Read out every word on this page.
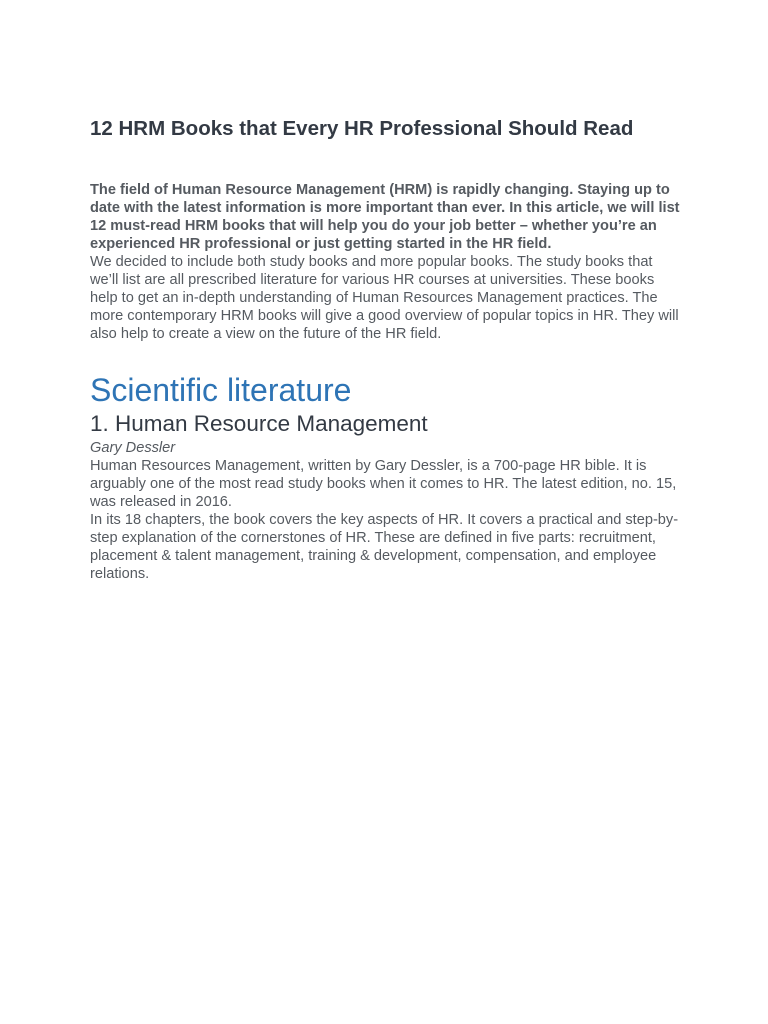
12 HRM Books that Every HR Professional Should Read

The field of Human Resource Management (HRM) is rapidly changing. Staying up to date with the latest information is more important than ever. In this article, we will list 12 must-read HRM books that will help you do your job better – whether you’re an experienced HR professional or just getting started in the HR field.

We decided to include both study books and more popular books. The study books that we’ll list are all prescribed literature for various HR courses at universities. These books help to get an in-depth understanding of Human Resources Management practices. The more contemporary HRM books will give a good overview of popular topics in HR. They will also help to create a view on the future of the HR field.

Scientific literature
1. Human Resource Management

Gary Dessler

Human Resources Management, written by Gary Dessler, is a 700-page HR bible. It is arguably one of the most read study books when it comes to HR. The latest edition, no. 15, was released in 2016.

In its 18 chapters, the book covers the key aspects of HR. It covers a practical and step-by-step explanation of the cornerstones of HR. These are defined in five parts: recruitment, placement & talent management, training & development, compensation, and employee relations.
